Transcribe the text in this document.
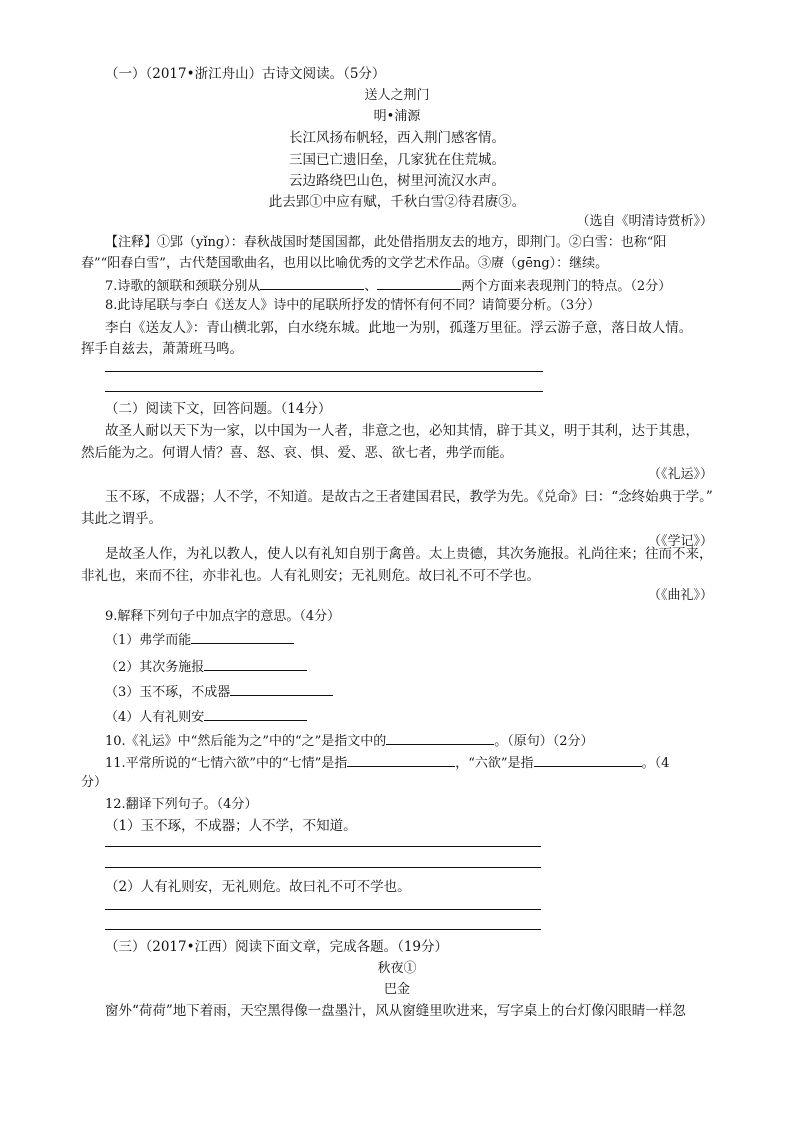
（一）（2017•浙江舟山）古诗文阅读。（5分）
送人之荆门
明•浦源
长江风扬布帆轻，西入荆门感客情。
三国已亡遗旧垒，几家犹在住荒城。
云边路绕巴山色，树里河流汉水声。
此去郢①中应有赋，千秋白雪②待君赓③。
（选自《明清诗赏析》）
【注释】①郢（yǐng）：春秋战国时楚国国都，此处借指朋友去的地方，即荆门。②白雪：也称“阳
春”“阳春白雪”，古代楚国歌曲名，也用以比喻优秀的文学艺术作品。③赓（gēng）：继续。
7.诗歌的颔联和颈联分别从	、	两个方面来表现荆门的特点。（2分）
8.此诗尾联与李白《送友人》诗中的尾联所抒发的情怀有何不同？请简要分析。（3分）
李白《送友人》：青山横北郭，白水绕东城。此地一为别，孤蓬万里征。浮云游子意，落日故人情。
挥手自兹去，萧萧班马鸣。
（二）阅读下文，回答问题。（14分）
故圣人耐以天下为一家，以中国为一人者，非意之也，必知其情，辟于其义，明于其利，达于其患，
然后能为之。何谓人情？喜、怒、哀、惧、爱、恶、欲七者，弗学而能。
（《礼运》）
玉不琢，不成器；人不学，不知道。是故古之王者建国君民，教学为先。《兑命》曰：“念终始典于学。”
其此之谓乎。
（《学记》）
是故圣人作，为礼以教人，使人以有礼知自别于禽兽。太上贵德，其次务施报。礼尚往来；往而不来，
非礼也，来而不往，亦非礼也。人有礼则安；无礼则危。故曰礼不可不学也。
（《曲礼》）
9.解释下列句子中加点字的意思。（4分）
（1）弗学而能
（2）其次务施报
（3）玉不琢，不成器
（4）人有礼则安
10.《礼运》中“然后能为之”中的“之”是指文中的	。（原句）（2分）
11.平常所说的“七情六欲”中的“七情”是指	，“六欲”是指	。（4
分）
12.翻译下列句子。（4分）
（1）玉不琢，不成器；人不学，不知道。
（2）人有礼则安，无礼则危。故曰礼不可不学也。
（三）（2017•江西）阅读下面文章，完成各题。（19分）
秋夜①
巴金
窗外“荷荷”地下着雨，天空黑得像一盘墨汁，风从窗缝里吹进来，写字桌上的台灯像闪眼睛一样忽
